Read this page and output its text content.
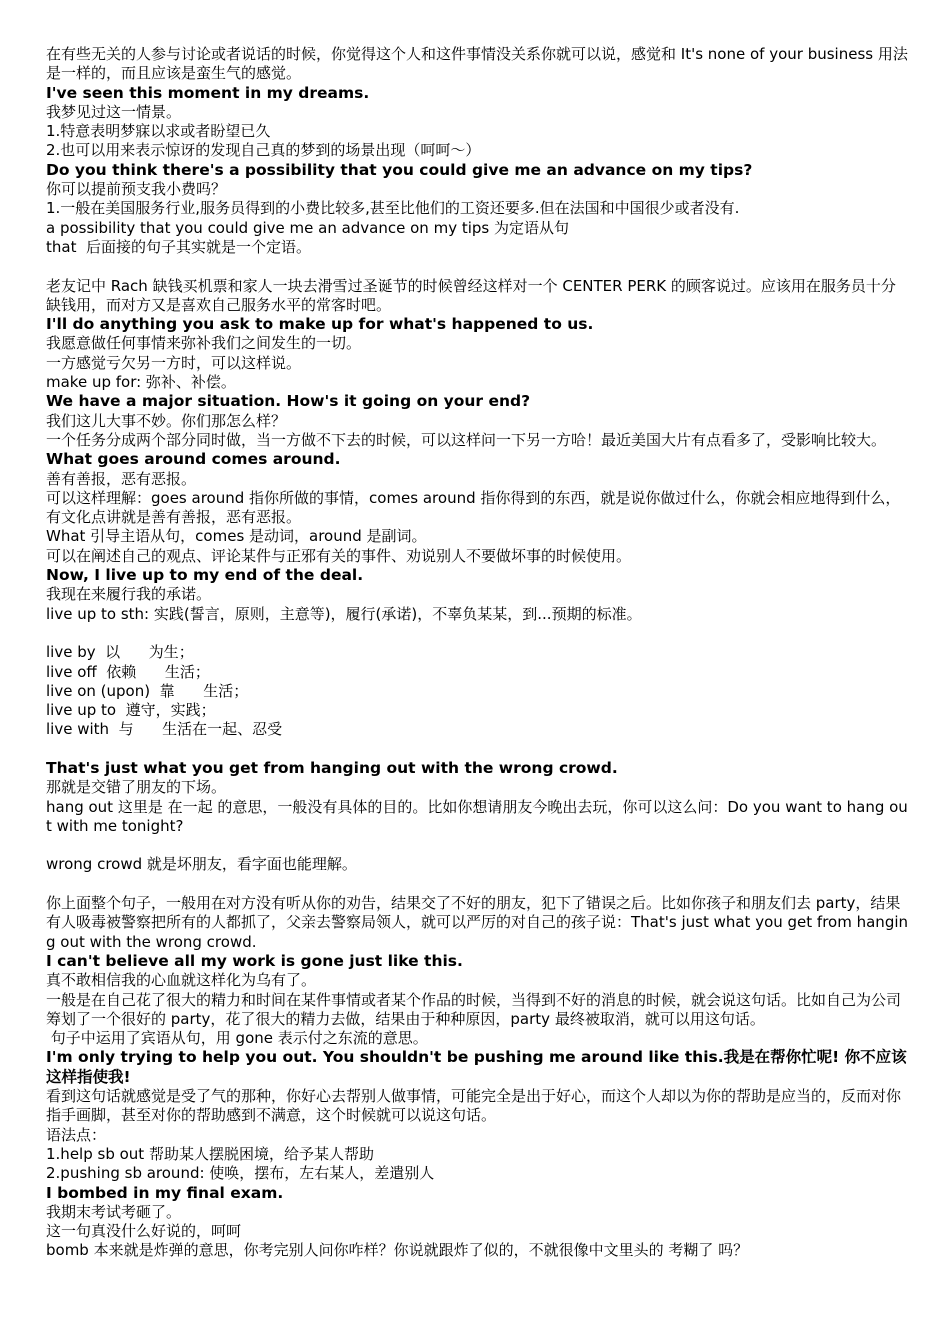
在有些无关的人参与讨论或者说话的时候，你觉得这个人和这件事情没关系你就可以说，感觉和 It's none of your business 用法是一样的，而且应该是蛮生气的感觉。
I've seen this moment in my dreams.
我梦见过这一情景。
1.特意表明梦寐以求或者盼望已久
2.也可以用来表示惊讶的发现自己真的梦到的场景出现（呵呵～）
Do you think there's a possibility that you could give me an advance on my tips?
你可以提前预支我小费吗？
1.一般在美国服务行业,服务员得到的小费比较多,甚至比他们的工资还要多.但在法国和中国很少或者没有.
a possibility that you could give me an advance on my tips 为定语从句
that  后面接的句子其实就是一个定语。
老友记中 Rach 缺钱买机票和家人一块去滑雪过圣诞节的时候曾经这样对一个 CENTER PERK 的顾客说过。应该用在服务员十分缺钱用，而对方又是喜欢自己服务水平的常客时吧。
I'll do anything you ask to make up for what's happened to us.
我愿意做任何事情来弥补我们之间发生的一切。
一方感觉亏欠另一方时，可以这样说。
make up for: 弥补、补偿。
We have a major situation. How's it going on your end?
我们这儿大事不妙。你们那怎么样？
一个任务分成两个部分同时做，当一方做不下去的时候，可以这样问一下另一方哈！最近美国大片有点看多了，受影响比较大。
What goes around comes around.
善有善报，恶有恶报。
可以这样理解：goes around 指你所做的事情，comes around 指你得到的东西，就是说你做过什么，你就会相应地得到什么，有文化点讲就是善有善报，恶有恶报。
What 引导主语从句，comes 是动词，around 是副词。
可以在阐述自己的观点、评论某件与正邪有关的事件、劝说别人不要做坏事的时候使用。
Now, I live up to my end of the deal.
我现在来履行我的承诺。
live up to sth: 实践(誓言，原则，主意等)，履行(承诺)，不辜负某某，到...预期的标准。
live by  以      为生；
live off  依赖      生活；
live on (upon)  靠      生活；
live up to  遵守，实践；
live with  与      生活在一起、忍受
That's just what you get from hanging out with the wrong crowd.
那就是交错了朋友的下场。
hang out 这里是 在一起 的意思，一般没有具体的目的。比如你想请朋友今晚出去玩，你可以这么问：Do you want to hang out with me tonight?
wrong crowd 就是坏朋友，看字面也能理解。
你上面整个句子，一般用在对方没有听从你的劝告，结果交了不好的朋友，犯下了错误之后。比如你孩子和朋友们去 party，结果有人吸毒被警察把所有的人都抓了，父亲去警察局领人，就可以严厉的对自己的孩子说：That's just what you get from hanging out with the wrong crowd.
I can't believe all my work is gone just like this.
真不敢相信我的心血就这样化为乌有了。
一般是在自己花了很大的精力和时间在某件事情或者某个作品的时候，当得到不好的消息的时候，就会说这句话。比如自己为公司筹划了一个很好的 party，花了很大的精力去做，结果由于种种原因，party 最终被取消，就可以用这句话。
句子中运用了宾语从句，用 gone 表示付之东流的意思。
I'm only trying to help you out. You shouldn't be pushing me around like this.我是在帮你忙呢! 你不应该这样指使我!
看到这句话就感觉是受了气的那种，你好心去帮别人做事情，可能完全是出于好心，而这个人却以为你的帮助是应当的，反而对你指手画脚，甚至对你的帮助感到不满意，这个时候就可以说这句话。
语法点：
1.help sb out 帮助某人摆脱困境，给予某人帮助
2.pushing sb around: 使唤，摆布，左右某人，差遣别人
I bombed in my final exam.
我期末考试考砸了。
这一句真没什么好说的，呵呵
bomb 本来就是炸弹的意思，你考完别人问你咋样？你说就跟炸了似的，不就很像中文里头的 考糊了 吗？
